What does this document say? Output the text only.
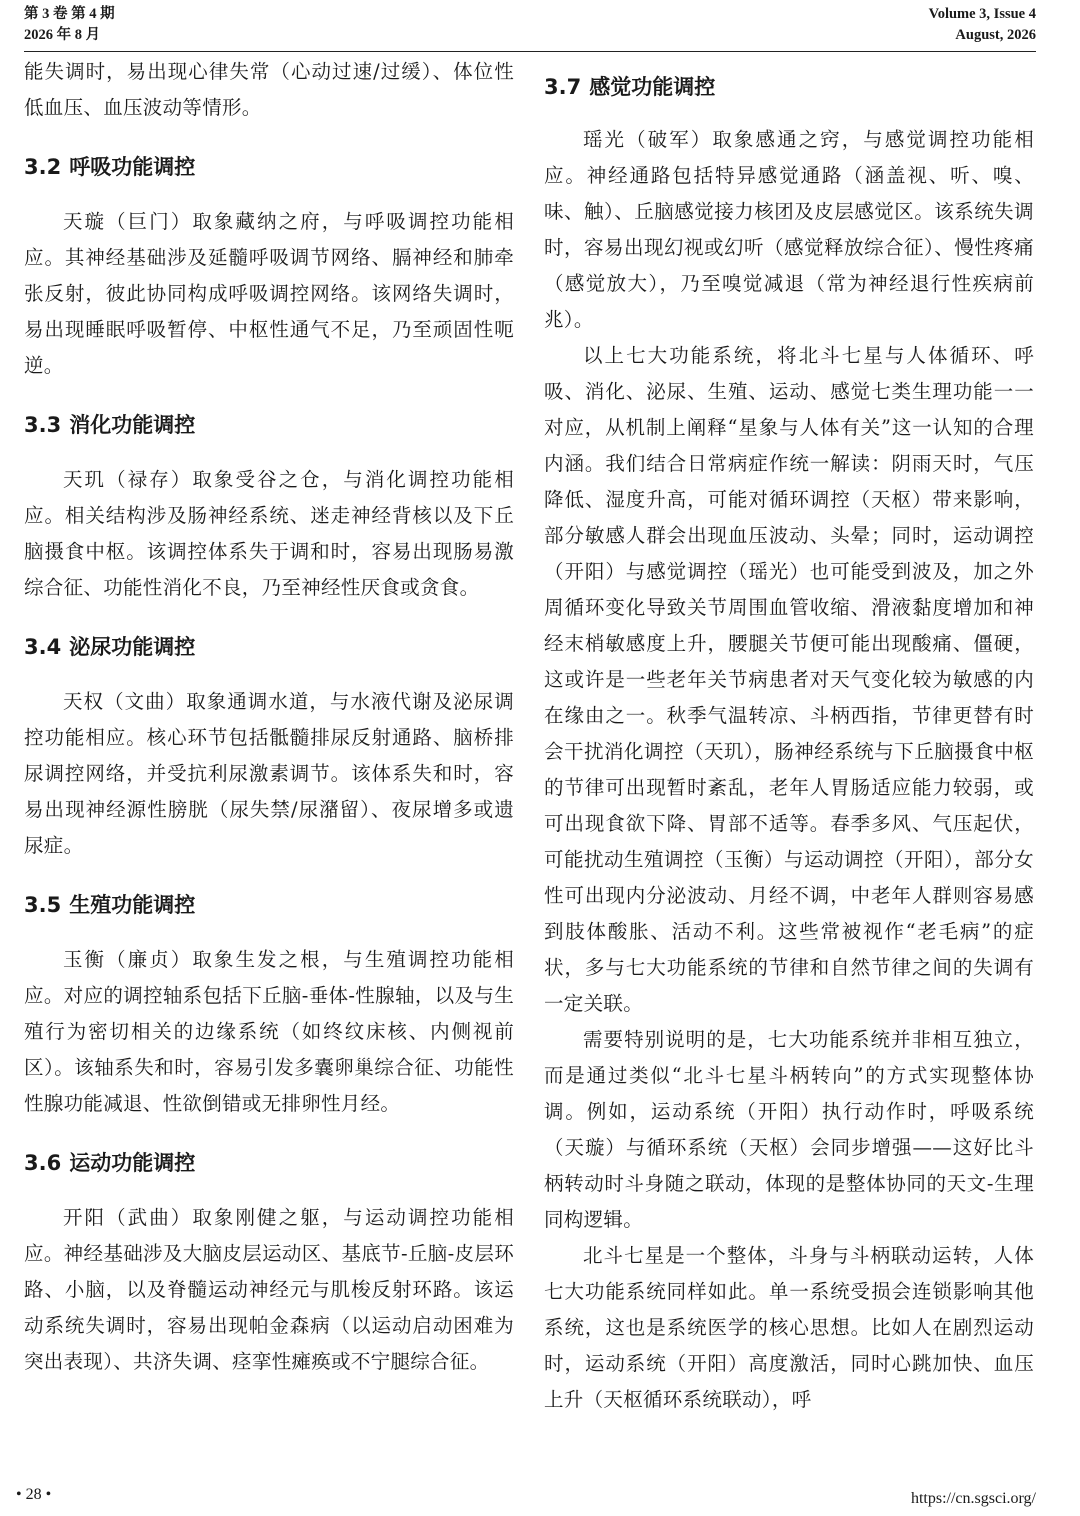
第 3 卷 第 4 期
2026 年 8 月
Volume 3, Issue 4
August, 2026

能失调时，易出现心律失常（心动过速/过缓）、体位性低血压、血压波动等情形。

3.2 呼吸功能调控

天璇（巨门）取象藏纳之府，与呼吸调控功能相应。其神经基础涉及延髓呼吸调节网络、膈神经和肺牵张反射，彼此协同构成呼吸调控网络。该网络失调时，易出现睡眠呼吸暂停、中枢性通气不足，乃至顽固性呃逆。

3.3 消化功能调控

天玑（禄存）取象受谷之仓，与消化调控功能相应。相关结构涉及肠神经系统、迷走神经背核以及下丘脑摄食中枢。该调控体系失于调和时，容易出现肠易激综合征、功能性消化不良，乃至神经性厌食或贪食。

3.4 泌尿功能调控

天权（文曲）取象通调水道，与水液代谢及泌尿调控功能相应。核心环节包括骶髓排尿反射通路、脑桥排尿调控网络，并受抗利尿激素调节。该体系失和时，容易出现神经源性膀胱（尿失禁/尿潴留）、夜尿增多或遗尿症。

3.5 生殖功能调控

玉衡（廉贞）取象生发之根，与生殖调控功能相应。对应的调控轴系包括下丘脑-垂体-性腺轴，以及与生殖行为密切相关的边缘系统（如终纹床核、内侧视前区）。该轴系失和时，容易引发多囊卵巢综合征、功能性性腺功能减退、性欲倒错或无排卵性月经。

3.6 运动功能调控

开阳（武曲）取象刚健之躯，与运动调控功能相应。神经基础涉及大脑皮层运动区、基底节-丘脑-皮层环路、小脑，以及脊髓运动神经元与肌梭反射环路。该运动系统失调时，容易出现帕金森病（以运动启动困难为突出表现）、共济失调、痉挛性瘫痪或不宁腿综合征。

3.7 感觉功能调控

瑶光（破军）取象感通之窍，与感觉调控功能相应。神经通路包括特异感觉通路（涵盖视、听、嗅、味、触）、丘脑感觉接力核团及皮层感觉区。该系统失调时，容易出现幻视或幻听（感觉释放综合征）、慢性疼痛（感觉放大），乃至嗅觉减退（常为神经退行性疾病前兆）。

以上七大功能系统，将北斗七星与人体循环、呼吸、消化、泌尿、生殖、运动、感觉七类生理功能一一对应，从机制上阐释“星象与人体有关”这一认知的合理内涵。我们结合日常病症作统一解读：阴雨天时，气压降低、湿度升高，可能对循环调控（天枢）带来影响，部分敏感人群会出现血压波动、头晕；同时，运动调控（开阳）与感觉调控（瑶光）也可能受到波及，加之外周循环变化导致关节周围血管收缩、滑液黏度增加和神经末梢敏感度上升，腰腿关节便可能出现酸痛、僵硬，这或许是一些老年关节病患者对天气变化较为敏感的内在缘由之一。秋季气温转凉、斗柄西指，节律更替有时会干扰消化调控（天玑），肠神经系统与下丘脑摄食中枢的节律可出现暂时紊乱，老年人胃肠适应能力较弱，或可出现食欲下降、胃部不适等。春季多风、气压起伏，可能扰动生殖调控（玉衡）与运动调控（开阳），部分女性可出现内分泌波动、月经不调，中老年人群则容易感到肢体酸胀、活动不利。这些常被视作“老毛病”的症状，多与七大功能系统的节律和自然节律之间的失调有一定关联。

需要特别说明的是，七大功能系统并非相互独立，而是通过类似“北斗七星斗柄转向”的方式实现整体协调。例如，运动系统（开阳）执行动作时，呼吸系统（天璇）与循环系统（天枢）会同步增强——这好比斗柄转动时斗身随之联动，体现的是整体协同的天文-生理同构逻辑。

北斗七星是一个整体，斗身与斗柄联动运转，人体七大功能系统同样如此。单一系统受损会连锁影响其他系统，这也是系统医学的核心思想。比如人在剧烈运动时，运动系统（开阳）高度激活，同时心跳加快、血压上升（天枢循环系统联动），呼

• 28 •	https://cn.sgsci.org/
